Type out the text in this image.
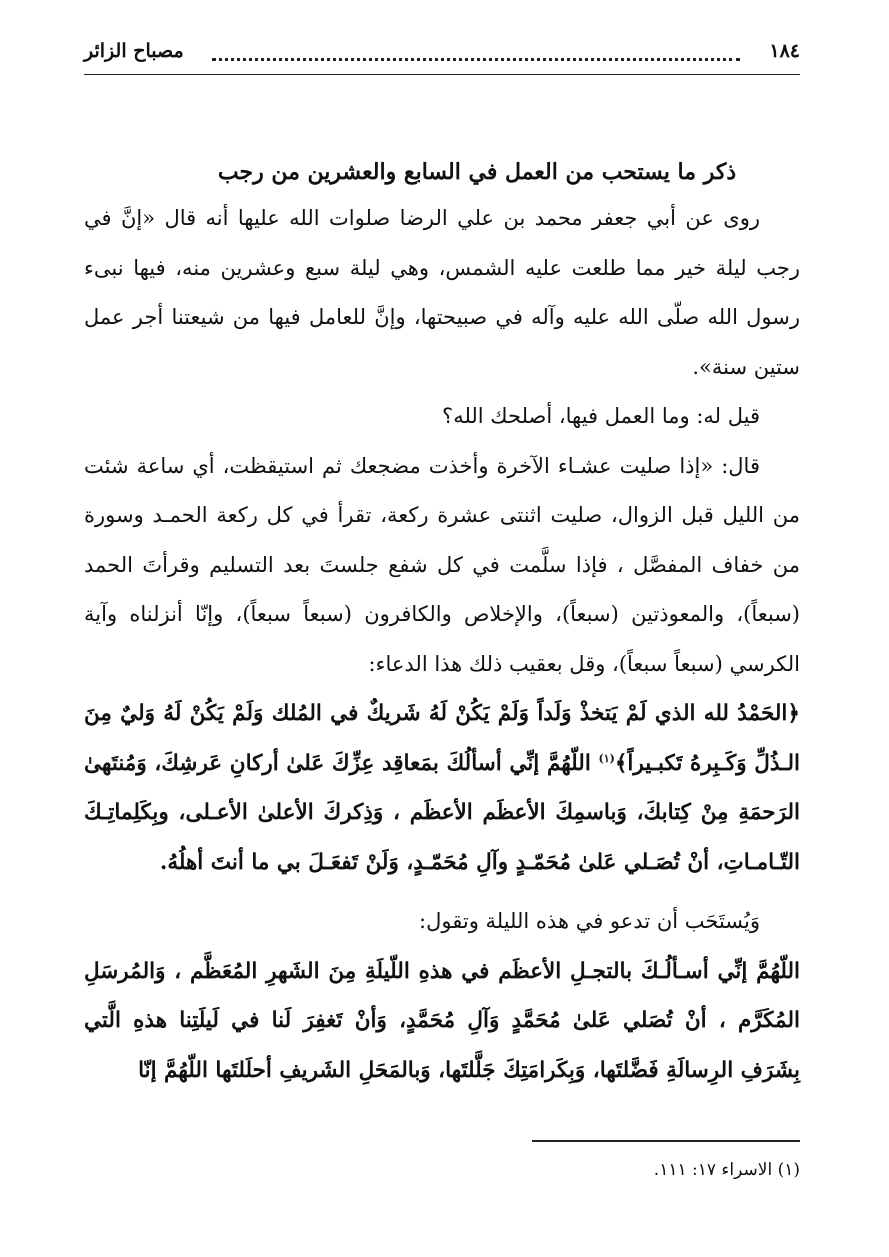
١٨٤
مصباح الزائر
ذكر ما يستحب من العمل في السابع والعشرين من رجب

روى عن أبي جعفر محمد بن علي الرضا صلوات الله عليها أنه قال «إنَّ في رجب ليلة خير مما طلعت عليه الشمس، وهي ليلة سبع وعشرين منه، فيها نبىء رسول الله صلّى الله عليه وآله في صبيحتها، وإنَّ للعامل فيها من شيعتنا أجر عمل ستين سنة».

قيل له: وما العمل فيها، أصلحك الله؟

قال: «إذا صليت عشـاء الآخرة وأخذت مضجعك ثم استيقظت، أي ساعة شئت من الليل قبل الزوال، صليت اثنتى عشرة ركعة، تقرأ في كل ركعة الحمـد وسورة من خفاف المفصَّل ، فإذا سلَّمت في كل شفع جلستَ بعد التسليم وقرأتَ الحمد (سبعاً)، والمعوذتين (سبعاً)، والإخلاص والكافرون (سبعاً سبعاً)، وإنّا أنزلناه وآية الكرسي (سبعاً سبعاً)، وقل بعقيب ذلك هذا الدعاء:

﴿الحَمْدُ لله الذي لَمْ يَتخذْ وَلَداً وَلَمْ يَكُنْ لَهُ شَريكٌ في المُلك وَلَمْ يَكُنْ لَهُ وَليٌ مِنَ الـذُلِّ وَكَـبِرهُ تَكبـيراً﴾$^{(١)}$ اللّهُمَّ إنِّي أسألُكَ بمَعاقِد عِزِّكَ عَلىٰ أركانِ عَرشِكَ، وَمُنتَهىٰ الرَحمَةِ مِنْ كِتابكَ، وَباسمِكَ الأعظَم الأعظَم ، وَذِكركَ الأعلىٰ الأعـلى، وبِكَلِماتِـكَ التّـامـاتِ، أنْ تُصَـلي عَلىٰ مُحَمّـدٍ وآلِ مُحَمّـدٍ، وَلَنْ تَفعَـلَ بي ما أنتَ أهلُهُ.

وَيُستَحَب أن تدعو في هذه الليلة وتقول:

اللّهُمَّ إنِّي أسـألُـكَ بالتجـلِ الأعظَم في هذهِ اللّيلَةِ مِنَ الشَهرِ المُعَظَّم ، وَالمُرسَلِ المُكَرَّم ، أنْ تُصَلي عَلىٰ مُحَمَّدٍ وَآلِ مُحَمَّدٍ، وَأنْ تَغفِرَ لَنا في لَيلَتِنا هذهِ الَّتي بِشَرَفِ الرِسالَةِ فَضَّلتَها، وَبِكَرامَتِكَ جَلَّلتَها، وَبالمَحَلِ الشَريفِ أحلَلتَها اللّهُمَّ إنّا

(١) الاسراء ١٧: ١١١.
